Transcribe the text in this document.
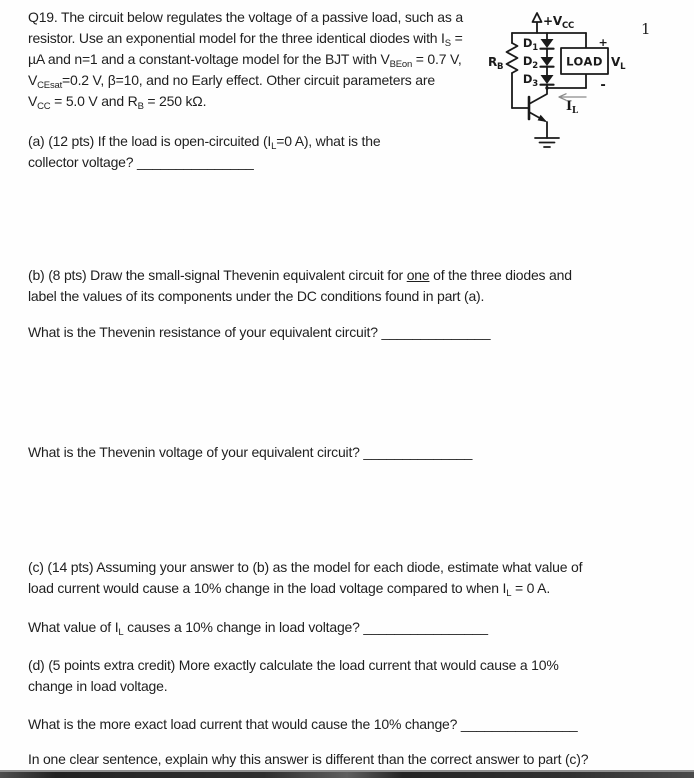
Q19. The circuit below regulates the voltage of a passive load, such as a
resistor. Use an exponential model for the three identical diodes with $I_S$ =
µA and n=1 and a constant-voltage model for the BJT with $V_{BEon} = 0.7$ V,
$V_{CEsat}=0.2$ V, β=10, and no Early effect. Other circuit parameters are
$V_{CC} = 5.0$ V and $R_B = 250$ kΩ.
(a) (12 pts) If the load is open-circuited ($I_L=0$ A), what is the
collector voltage? _______________
(b) (8 pts) Draw the small-signal Thevenin equivalent circuit for one of the three diodes and
label the values of its components under the DC conditions found in part (a).
What is the Thevenin resistance of your equivalent circuit? ______________
What is the Thevenin voltage of your equivalent circuit? ______________
(c) (14 pts) Assuming your answer to (b) as the model for each diode, estimate what value of
load current would cause a 10% change in the load voltage compared to when $I_L = 0$ A.
What value of $I_L$ causes a 10% change in load voltage? ________________
(d) (5 points extra credit) More exactly calculate the load current that would cause a 10%
change in load voltage.
What is the more exact load current that would cause the 10% change? _______________
In one clear sentence, explain why this answer is different than the correct answer to part (c)?
1
$+V_{CC}$
$R_B$
$D_1$
$D_2$
$D_3$
LOAD
+
-
$V_L$
$I_L$
